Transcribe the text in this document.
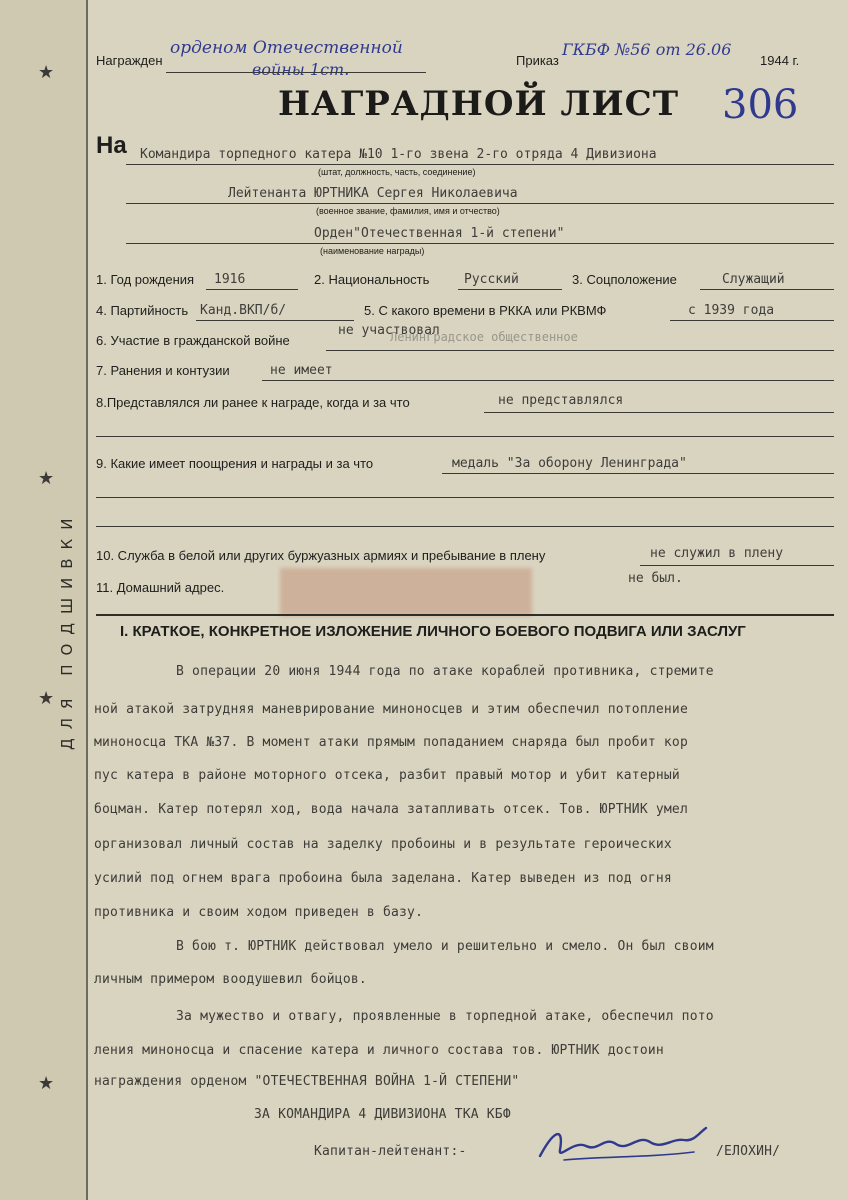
★
★
★
★
ДЛЯ ПОДШИВКИ
Награжден
орденом Отечественной
войны 1ст.	Приказ
ГКБФ №56 от 26.06
1944 г.
306
НАГРАДНОЙ ЛИСТ
На Командира торпедного катера №10 1-го звена 2-го отряда 4 Дивизиона
(штат, должность, часть, соединение)
Лейтенанта ЮРТНИКА Сергея Николаевича
(военное звание, фамилия, имя и отчество)
Орден"Отечественная 1-й степени"
(наименование награды)
1. Год рождения 1916	2. Национальность	Русский	3. Соцположение	Служащий
4. Партийность Канд.ВКП/б/	5. С какого времени в РККА или РКВМФ	с 1939 года
6. Участие в гражданской войне
не участвовал
Ленинградское общественное
7. Ранения и контузии	не имеет
8.Представлялся ли ранее к награде, когда и за что	не представлялся
9. Какие имеет поощрения и награды и за что	медаль "За оборону Ленинграда"
10. Служба в белой или других буржуазных армиях и пребывание в плену	не служил в плену
не был.
11. Домашний адрес.
I. КРАТКОЕ, КОНКРЕТНОЕ ИЗЛОЖЕНИЕ ЛИЧНОГО БОЕВОГО ПОДВИГА ИЛИ ЗАСЛУГ
В операции 20 июня 1944 года по атаке кораблей противника, стремите
ной атакой затрудняя маневрирование миноносцев и этим обеспечил потопление
миноносца ТКА №37. В момент атаки прямым попаданием снаряда был пробит кор
пус катера в районе моторного отсека, разбит правый мотор и убит катерный
боцман. Катер потерял ход, вода начала затапливать отсек. Тов. ЮРТНИК умел
организовал личный состав на заделку пробоины и в результате героических
усилий под огнем врага пробоина была заделана. Катер выведен из под огня
противника и своим ходом приведен в базу.
В бою т. ЮРТНИК действовал умело и решительно и смело. Он был своим
личным примером воодушевил бойцов.
За мужество и отвагу, проявленные в торпедной атаке, обеспечил пото
ления миноносца и спасение катера и личного состава тов. ЮРТНИК достоин
награждения орденом "ОТЕЧЕСТВЕННАЯ ВОЙНА 1-Й СТЕПЕНИ"
ЗА КОМАНДИРА 4 ДИВИЗИОНА ТКА КБФ
Капитан-лейтенант:-	/ЕЛОХИН/
